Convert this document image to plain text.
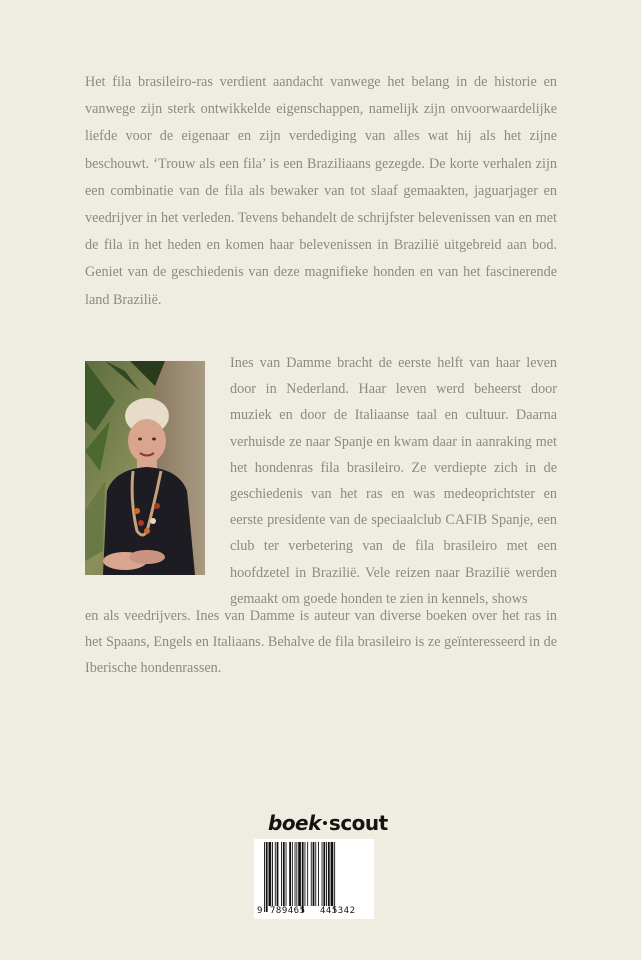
Het fila brasileiro-ras verdient aandacht vanwege het belang in de historie en vanwege zijn sterk ontwikkelde eigenschappen, namelijk zijn onvoorwaardelijke liefde voor de eigenaar en zijn verdediging van alles wat hij als het zijne beschouwt. ‘Trouw als een fila’ is een Braziliaans gezegde. De korte verhalen zijn een combinatie van de fila als bewaker van tot slaaf gemaakten, jaguarjager en veedrijver in het verleden. Tevens behandelt de schrijfster belevenissen van en met de fila in het heden en komen haar belevenissen in Brazilië uitgebreid aan bod. Geniet van de geschiedenis van deze magnifieke honden en van het fascinerende land Brazilië.

Ines van Damme bracht de eerste helft van haar leven door in Nederland. Haar leven werd beheerst door muziek en door de Italiaanse taal en cultuur. Daarna verhuisde ze naar Spanje en kwam daar in aanraking met het hondenras fila brasileiro. Ze verdiepte zich in de geschiedenis van het ras en was medeoprichtster en eerste presidente van de speciaalclub CAFIB Spanje, een club ter verbetering van de fila brasileiro met een hoofdzetel in Brazilië. Vele reizen naar Brazilië werden gemaakt om goede honden te zien in kennels, shows

en als veedrijvers. Ines van Damme is auteur van diverse boeken over het ras in het Spaans, Engels en Italiaans. Behalve de fila brasileiro is ze geïnteresseerd in de Iberische hondenrassen.

boek scout
9 789465 445342
